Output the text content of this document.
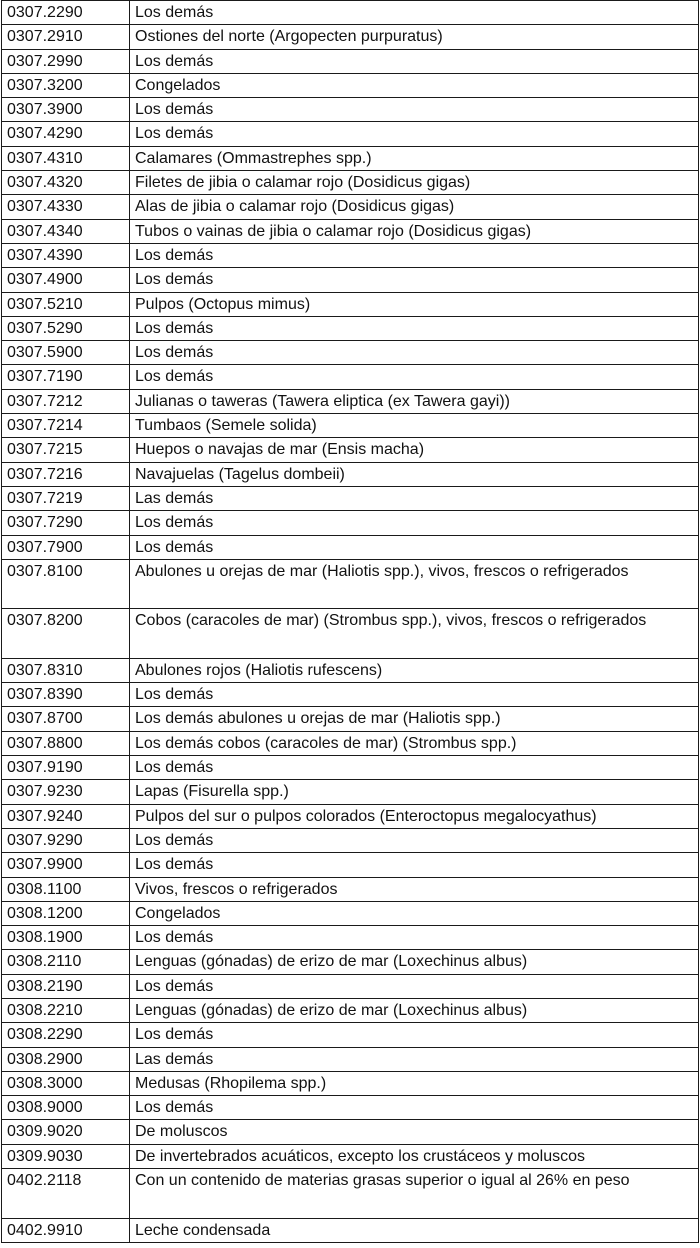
0307.2290	Los demás
0307.2910	Ostiones del norte (Argopecten purpuratus)
0307.2990	Los demás
0307.3200	Congelados
0307.3900	Los demás
0307.4290	Los demás
0307.4310	Calamares (Ommastrephes spp.)
0307.4320	Filetes de jibia o calamar rojo (Dosidicus gigas)
0307.4330	Alas de jibia o calamar rojo (Dosidicus gigas)
0307.4340	Tubos o vainas de jibia o calamar rojo (Dosidicus gigas)
0307.4390	Los demás
0307.4900	Los demás
0307.5210	Pulpos (Octopus mimus)
0307.5290	Los demás
0307.5900	Los demás
0307.7190	Los demás
0307.7212	Julianas o taweras (Tawera eliptica (ex Tawera gayi))
0307.7214	Tumbaos (Semele solida)
0307.7215	Huepos o navajas de mar (Ensis macha)
0307.7216	Navajuelas (Tagelus dombeii)
0307.7219	Las demás
0307.7290	Los demás
0307.7900	Los demás
0307.8100	Abulones u orejas de mar (Haliotis spp.), vivos, frescos o refrigerados
0307.8200	Cobos (caracoles de mar) (Strombus spp.), vivos, frescos o refrigerados
0307.8310	Abulones rojos (Haliotis rufescens)
0307.8390	Los demás
0307.8700	Los demás abulones u orejas de mar (Haliotis spp.)
0307.8800	Los demás cobos (caracoles de mar) (Strombus spp.)
0307.9190	Los demás
0307.9230	Lapas (Fisurella spp.)
0307.9240	Pulpos del sur o pulpos colorados (Enteroctopus megalocyathus)
0307.9290	Los demás
0307.9900	Los demás
0308.1100	Vivos, frescos o refrigerados
0308.1200	Congelados
0308.1900	Los demás
0308.2110	Lenguas (gónadas) de erizo de mar (Loxechinus albus)
0308.2190	Los demás
0308.2210	Lenguas (gónadas) de erizo de mar (Loxechinus albus)
0308.2290	Los demás
0308.2900	Las demás
0308.3000	Medusas (Rhopilema spp.)
0308.9000	Los demás
0309.9020	De moluscos
0309.9030	De invertebrados acuáticos, excepto los crustáceos y moluscos
0402.2118	Con un contenido de materias grasas superior o igual al 26% en peso
0402.9910	Leche condensada
